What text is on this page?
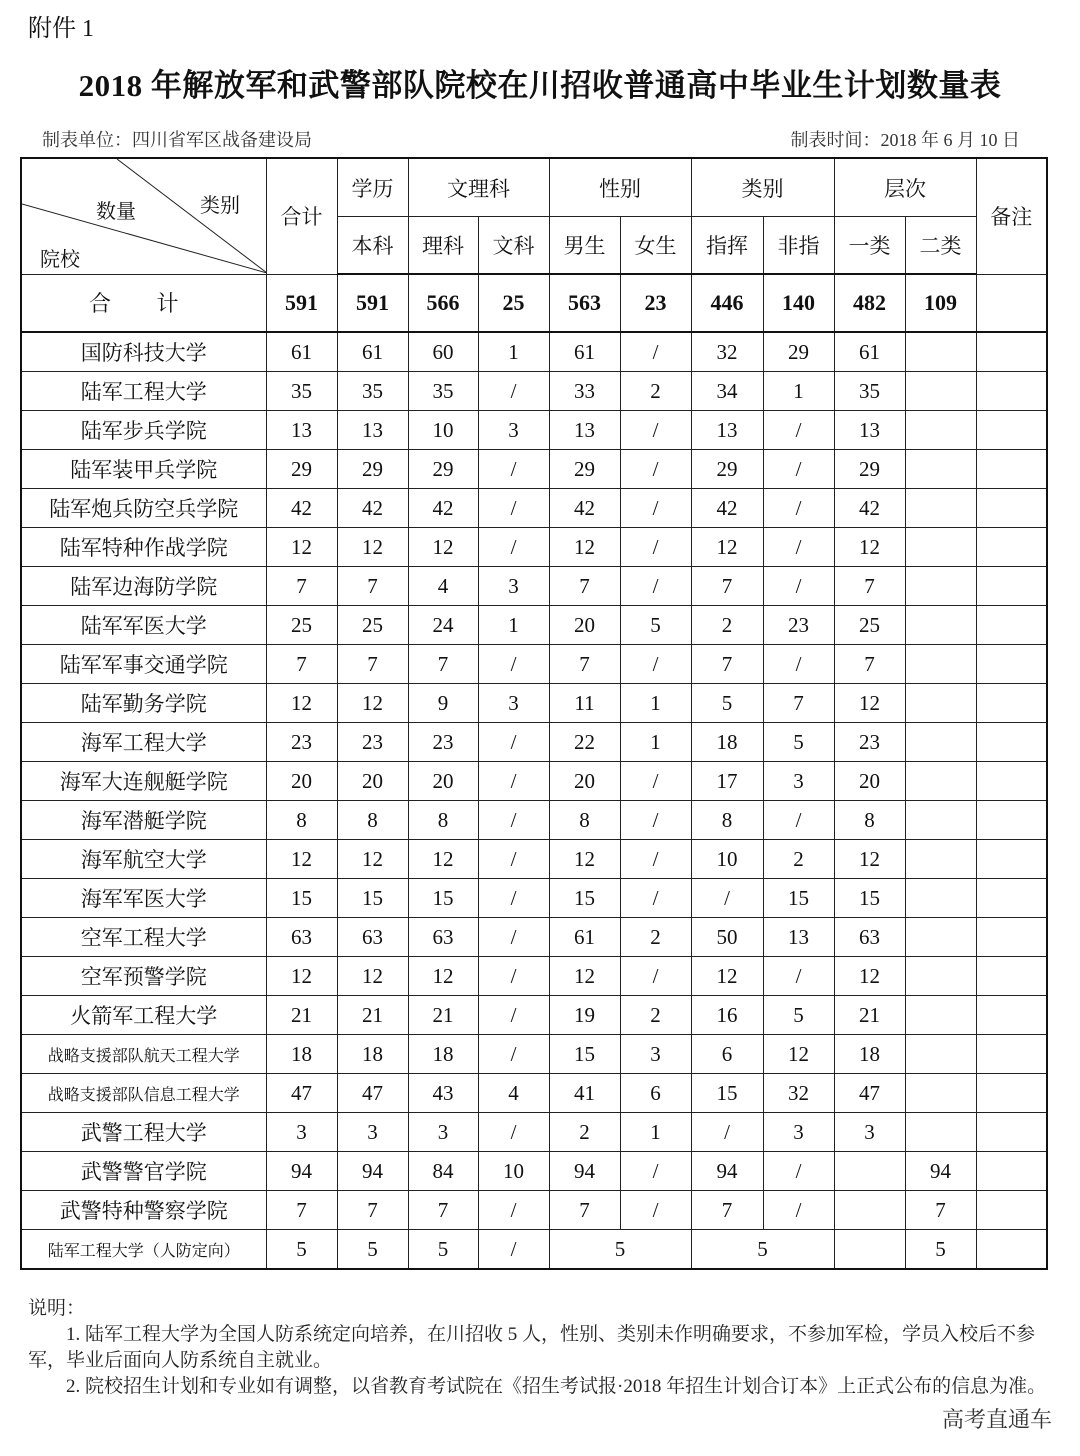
附件 1
2018 年解放军和武警部队院校在川招收普通高中毕业生计划数量表
制表单位：四川省军区战备建设局	制表时间：2018 年 6 月 10 日
类别
数量
院校	合计	学历	文理科		性别		类别		层次		备注
		本科	理科	文科	男生	女生	指挥	非指	一类	二类	
合 计	591	591	566	25	563	23	446	140	482	109	
国防科技大学	61	61	60	1	61	/	32	29	61		
陆军工程大学	35	35	35	/	33	2	34	1	35		
陆军步兵学院	13	13	10	3	13	/	13	/	13		
陆军装甲兵学院	29	29	29	/	29	/	29	/	29		
陆军炮兵防空兵学院	42	42	42	/	42	/	42	/	42		
陆军特种作战学院	12	12	12	/	12	/	12	/	12		
陆军边海防学院	7	7	4	3	7	/	7	/	7		
陆军军医大学	25	25	24	1	20	5	2	23	25		
陆军军事交通学院	7	7	7	/	7	/	7	/	7		
陆军勤务学院	12	12	9	3	11	1	5	7	12		
海军工程大学	23	23	23	/	22	1	18	5	23		
海军大连舰艇学院	20	20	20	/	20	/	17	3	20		
海军潜艇学院	8	8	8	/	8	/	8	/	8		
海军航空大学	12	12	12	/	12	/	10	2	12		
海军军医大学	15	15	15	/	15	/	/	15	15		
空军工程大学	63	63	63	/	61	2	50	13	63		
空军预警学院	12	12	12	/	12	/	12	/	12		
火箭军工程大学	21	21	21	/	19	2	16	5	21		
战略支援部队航天工程大学	18	18	18	/	15	3	6	12	18		
战略支援部队信息工程大学	47	47	43	4	41	6	15	32	47		
武警工程大学	3	3	3	/	2	1	/	3	3		
武警警官学院	94	94	84	10	94	/	94	/		94	
武警特种警察学院	7	7	7	/	7	/	7	/		7	
陆军工程大学（人防定向）	5	5	5	/	5		5			5	

说明：

1. 陆军工程大学为全国人防系统定向培养，在川招收 5 人，性别、类别未作明确要求，不参加军检，学员入校后不参军，毕业后面向人防系统自主就业。

2. 院校招生计划和专业如有调整，以省教育考试院在《招生考试报·2018 年招生计划合订本》上正式公布的信息为准。

高考直通车
